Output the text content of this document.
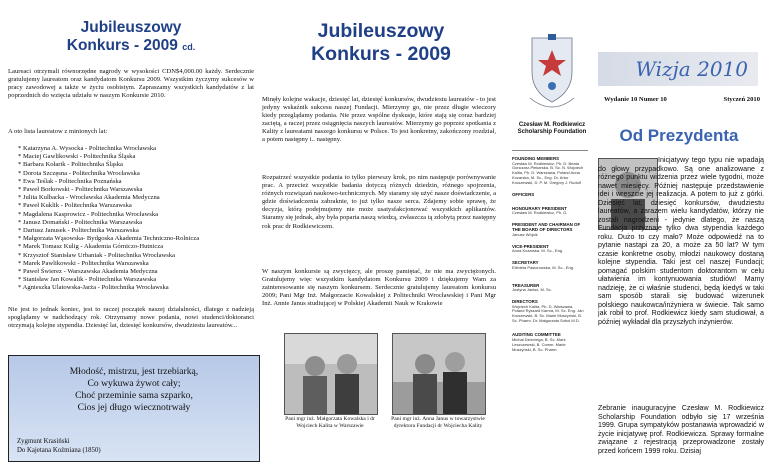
Jubileuszowy
Konkurs - 2009 cd.
Laureaci otrzymali równorzędne nagrody w wysokości CDN$4,000.00 każdy. Serdecznie gratulujemy laureatom oraz kandydatom Konkursu 2009. Wszystkim życzymy sukcesów w pracy zawodowej a także w życiu osobistym. Zapraszamy wszystkich kandydatów z lat poprzednich do wzięcia udziału w naszym Konkursie 2010.
A oto lista laureatow z minionych lat:
* Katarzyna A. Wysocka - Politechnika Wrocławska
* Maciej Gawlikowski - Politechnika Śląska
* Barbara Kołarik - Politechnika Śląska
* Dorota Szczęsna - Politechnika Wrocławska
* Ewa Teślak - Politechnika Poznańska
* Paweł Borkowski - Politechnika Warszawska
* Julita Kulbacka - Wrocławska Akademia Medyczna
* Paweł Kuklik - Politechnika Warszawska
* Magdalena Kasprowicz - Politechnika Wrocławska
* Janusz Domański - Politechnika Warszawska
* Dariusz Janusek - Politechnika Warszawska
* Małgorzata Wąsowska- Bydgoska Akademia Techniczno-Rolnicza
* Marek Tomasz Kulig - Akademia Górniczo-Hutnicza
* Krzysztof Stanisław Urbaniak - Politechnika Wrocławska
* Marek Pawlikowski - Politechnika Warszawska
* Paweł Świerez - Warszawska Akademia Medyczna
* Stanisław Jan Kowalik - Politechnika Warszawska
* Agnieszka Ulatowska-Jarża - Politechnika Wrocławska
Nie jest to jednak koniec, jest to raczej początek naszej działalności, dlatego z nadzieją spoglądamy w nadchodzący rok. Otrzymamy nowe podania, nowi studenci/doktoranci otrzymają kolejne stypendia. Dziesięć lat, dziesięć konkursów, dwudziestu laureatów...
Młodość, mistrzu, jest trzebiarką,
Co wykuwa żywot cały;
Choć przeminie sama szparko,
Cios jej długo wiecznotrwały
Zygmunt Krasiński
Do Kajetana Koźmiana (1850)
Jubileuszowy
Konkurs - 2009
Minęły kolejne wakacje, dziesięć lat, dziesięć konkursów, dwudziestu laureatów - to jest jedyny wskaźnik sukcesu naszej Fundacji. Mierzymy go, nie przez długie wieczory kiedy przeglądamy podania. Nie przez wspólne dyskusje, które stają się coraz bardziej zaciętą, a raczej przez osiągnięcia naszych laureatów. Mierzymy go poprzez spotkania z Kality z laureatami naszego konkursu w Polsce. To jest konkretny, zakończony rozdział, a potem następny i.. następny.
Rozpatrzeć wszystkie podania to tylko pierwszy krok, po nim następuje porównywanie prac. A przecież wszystkie badania dotyczą różnych dziedzin, różnego spojrzenia, różnych rozwiązań naukowo-technicznych. My staramy się użyć nasze doświadczenie, a gdzie doświadczenia zabraknie, to już tylko nasze serca. Zdajemy sobie sprawę, że decyzja, którą podejmujemy nie może usatysfakcjonować wszystkich aplikantów. Staramy się jednak, aby była poparta naszą wiedzą, zwłaszcza tą zdobytą przez następny rok prac dr Rodkiewiczem.
W naszym konkursie są zwycięzcy, ale proszę pamiętać, że nie ma zwyciężonych. Gratulujemy więc wszystkim kandydatom Konkursu 2009 i dziękujemy Wam za zainteresowanie się naszym konkursem. Serdecznie gratulujemy laureatom konkursu 2009; Pani Mgr Inż. Małgorzacie Kowalskiej z Politechniki Wrocławskiej i Pani Mgr Inż. Annie Janus studiującej w Polskiej Akademii Nauk w Krakowie
Pani mgr inż. Małgorzata Kowalska i dr Wojciech Kalita w Warszawie
Pani mgr inż. Anna Janus w towarzystwie dyrektora Fundacji dr Wojciecha Kality
Czesław M. Rodkiewicz
Scholarship Foundation
FOUNDING MEMBERS
Czesław M. Rodkiewicz, Ph. D. Beata Gonczarz-Piekarska, B. Sc. N. Wojciech Kalita, Ph. D. Warszawa, Poland Anna Kozarska, M. Sc., Eng. Dr. Artur Kruszewski, D. P. M. Gregory J. Rudolf
OFFICERS
HONOURARY PRESIDENT
Czesław M. Rodkiewicz, Ph. D.
PRESIDENT AND CHAIRMAN OF THE BOARD OF DIRECTORS
Janusz Wójcik
VICE-PRESIDENT
Anna Kozarska, M. Sc., Eng.
SECRETARY
Elżbieta Pasiorowska, M. Sc., Eng.
TREASURER
Justyna Janisz, M. Sc.
DIRECTORS
Wojciech Kalita, Ph. D. Warszawa, Poland Ryszard Kamra, M. Sc. Eng. Jan Kruszewski, B. Sc. Marie Muszyński, B. Sc. Pharm. Dr. Małgorzata Sobol M.D.
AUDITING COMMITTEE
Michał Dzierżega, B. Sc. Mark Leszczewski, B. Comm. Marie Muszyński, B. Sc. Pharm.
Wizja 2010
Wydanie 10 Numer 10	Styczeń 2010
Od Prezydenta
Inicjatywy tego typu nie wpadają do głowy przypadkowo. Są one analizowane z różnego punktu widzenia przez wiele tygodni, może nawet miesięcy. Później następuje przedstawienie idei i wreszcie jej realizacja. A potem to już z górki. Dziesięć lat, dziesięć konkursów, dwudziestu laureatów, a zarazem wielu kandydatów, którzy nie zostali nagrodzeni - jedynie dlatego, że naszą Fundacja przyznaje tylko dwa stypendia każdego roku. Dużo to czy mało? Może odpowiedź na to pytanie nastąpi za 20, a może za 50 lat? W tym czasie konkretne osoby, młodzi naukowcy dostaną kolejne stypendia. Taki jest cel naszej Fundacji; pomagać polskim studentom doktorantom w celu ułatwienia im kontynuowania studiów! Mamy nadzieję, że ci właśnie studenci, będą kiedyś w taki sam sposób starali się budować wizerunek polskiego naukowca/inżyniera w świecie. Tak samo jak robił to prof. Rodkiewicz kiedy sam studiował, a później wykładał dla przyszłych inżynierów.
Zebranie inauguracyjne Czesław M. Rodkiewicz Scholarship Foundation odbyło się 17 września 1999. Grupa sympatyków postanawia wprowadzić w życie inicjatywę prof. Rodkiewicza. Sprawy formalne związane z rejestracją przeprowadzone zostały przed końcem 1999 roku. Dzisiaj
